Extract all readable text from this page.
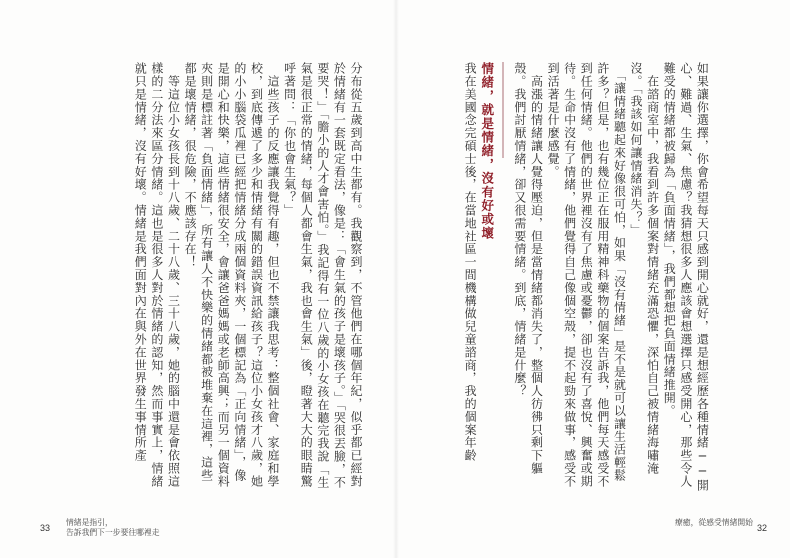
分布從五歲到高中生都有。我觀察到，不管他們在哪個年紀，似乎都已經對於情緒有一套既定看法，像是：「會生氣的孩子是壞孩子。」「哭很丟臉，不要哭！」「膽小的人才會害怕。」我記得有一位八歲的小女孩在聽完我說「生氣是很正常的情緒，每個人都會生氣，我也會生氣」後，瞪著大大的眼睛驚呼著問：「你也會生氣？」
　這些孩子的反應讓我覺得有趣，但也不禁讓我思考：整個社會、家庭和學校，到底傳遞了多少和情緒有關的錯誤資訊給孩子？這位小女孩才八歲，她的小小腦袋瓜裡已經把情緒分成兩個資料夾，一個標記為「正向情緒」，像是開心和快樂，這些情緒很安全，會讓爸爸媽媽或老師高興；而另一個資料夾則是標註著「負面情緒」，所有讓人不快樂的情緒都被堆棄在這裡，這些都是壞情緒，很危險，不應該存在！
　等這位小女孩長到十八歲、二十八歲、三十八歲，她的腦中還是會依照這樣的二分法來區分情緒。這也是很多人對於情緒的認知，然而事實上，情緒就只是情緒，沒有好壞。情緒是我們面對內在與外在世界發生事情所產
33
情緒是指引，
告訴我們下一步要往哪裡走

如果讓你選擇，你會希望每天只感到開心就好，還是想經歷各種情緒──開心、難過、生氣、焦慮？我猜想很多人應該會想選擇只感受開心，那些令人難受的情緒都被歸為「負面情緒」，我們都想把負面情緒推開。
　在諮商室中，我看到許多個案對情緒充滿恐懼，深怕自己被情緒海嘯淹沒。「我該如何讓情緒消失？」
　「讓情緒聽起來好像很可怕，如果「沒有情緒」是不是就可以讓生活輕鬆許多？但是，也有幾位正在服用精神科藥物的個案告訴我，他們每天感受不到任何情緒。他們的世界裡沒有了焦慮或憂鬱，卻也沒有了喜悅、興奮或期待。生命中沒有了情緒，他們覺得自己像個空殼，提不起勁來做事，感受不到活著是什麼感覺。
　高漲的情緒讓人覺得壓迫，但是當情緒都消失了，整個人彷彿只剩下軀殼。我們討厭情緒，卻又很需要情緒。到底，情緒是什麼？

情緒，就是情緒，沒有好或壞
我在美國念完碩士後，在當地社區一間機構做兒童諮商，我的個案年齡

療癒，從感受情緒開始
32
